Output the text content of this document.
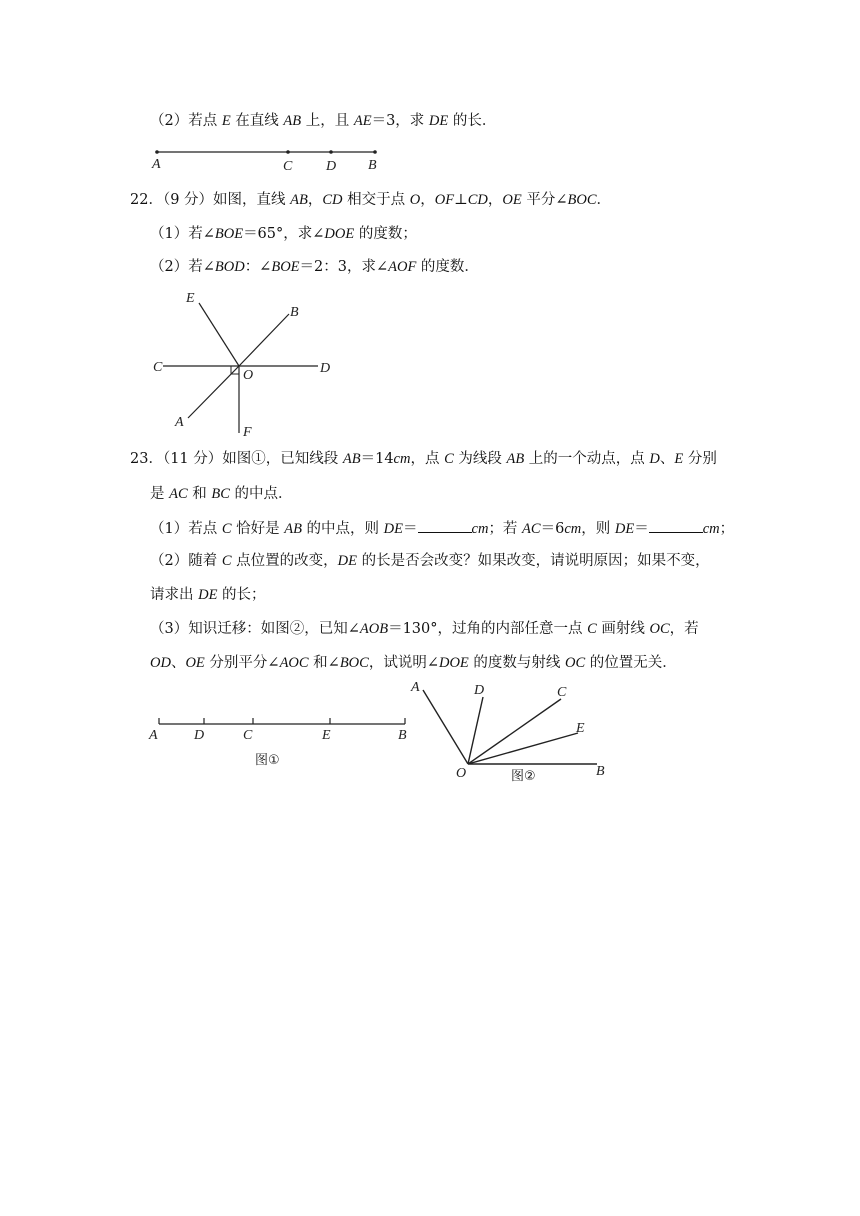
（2）若点 E 在直线 AB 上，且 AE＝3，求 DE 的长．
A	C D B
22．（9 分）如图，直线 AB，CD 相交于点 O，OF⊥CD，OE 平分∠BOC．
（1）若∠BOE＝65°，求∠DOE 的度数；
（2）若∠BOD：∠BOE＝2：3，求∠AOF 的度数．
E
B
C
O	D
A
F
23．（11 分）如图①，已知线段 AB＝14cm，点 C 为线段 AB 上的一个动点，点 D、E 分别
是 AC 和 BC 的中点．
（1）若点 C 恰好是 AB 的中点，则 DE＝	cm；若 AC＝6cm，则 DE＝	cm；
（2）随着 C 点位置的改变，DE 的长是否会改变？如果改变，请说明原因；如果不变，
请求出 DE 的长；
（3）知识迁移：如图②，已知∠AOB＝130°，过角的内部任意一点 C 画射线 OC，若
OD、OE 分别平分∠AOC 和∠BOC，试说明∠DOE 的度数与射线 OC 的位置无关．
A	D	C	E	B
图①
A	D	C
E
O	B
图②
